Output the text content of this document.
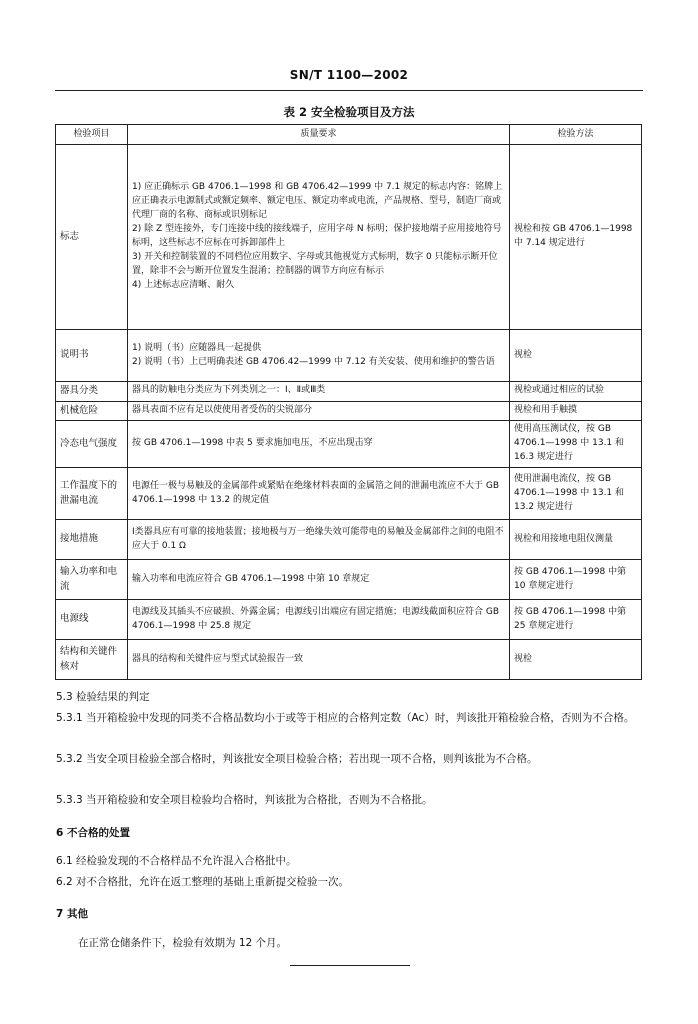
SN/T 1100—2002
表 2 安全检验项目及方法
检验项目	质量要求	检验方法
标志	1) 应正确标示 GB 4706.1—1998 和 GB 4706.42—1999 中 7.1 规定的标志内容：铭牌上应正确表示电源制式或额定频率、额定电压、额定功率或电流，产品规格、型号，制造厂商或代理厂商的名称、商标或识别标记

2) 除 Z 型连接外，专门连接中线的接线端子，应用字母 N 标明；保护接地端子应用接地符号标明，这些标志不应标在可拆卸部件上

3) 开关和控制装置的不同档位应用数字、字母或其他视觉方式标明，数字 0 只能标示断开位置，除非不会与断开位置发生混淆；控制器的调节方向应有标示

4) 上述标志应清晰、耐久	视检和按 GB 4706.1—1998 中 7.14 规定进行
说明书	1) 说明（书）应随器具一起提供

2) 说明（书）上已明确表述 GB 4706.42—1999 中 7.12 有关安装、使用和维护的警告语	视检
器具分类	器具的防触电分类应为下列类别之一：Ⅰ、Ⅱ或Ⅲ类	视检或通过相应的试验
机械危险	器具表面不应有足以使使用者受伤的尖锐部分	视检和用手触摸
冷态电气强度	按 GB 4706.1—1998 中表 5 要求施加电压，不应出现击穿	使用高压测试仪，按 GB 4706.1—1998 中 13.1 和 16.3 规定进行
工作温度下的泄漏电流	电源任一极与易触及的金属部件或紧贴在绝缘材料表面的金属箔之间的泄漏电流应不大于 GB 4706.1—1998 中 13.2 的规定值	使用泄漏电流仪，按 GB 4706.1—1998 中 13.1 和 13.2 规定进行
接地措施	Ⅰ类器具应有可靠的接地装置；接地极与万一绝缘失效可能带电的易触及金属部件之间的电阻不应大于 0.1 Ω	视检和用接地电阻仪测量
输入功率和电流	输入功率和电流应符合 GB 4706.1—1998 中第 10 章规定	按 GB 4706.1—1998 中第 10 章规定进行
电源线	电源线及其插头不应破损、外露金属；电源线引出端应有固定措施；电源线截面积应符合 GB 4706.1—1998 中 25.8 规定	按 GB 4706.1—1998 中第 25 章规定进行
结构和关键件核对	器具的结构和关键件应与型式试验报告一致	视检
5.3 检验结果的判定
5.3.1 当开箱检验中发现的同类不合格品数均小于或等于相应的合格判定数（Ac）时，判该批开箱检验合格，否则为不合格。
5.3.2 当安全项目检验全部合格时，判该批安全项目检验合格；若出现一项不合格，则判该批为不合格。
5.3.3 当开箱检验和安全项目检验均合格时，判该批为合格批，否则为不合格批。
6 不合格的处置
6.1 经检验发现的不合格样品不允许混入合格批中。
6.2 对不合格批，允许在返工整理的基础上重新提交检验一次。
7 其他
在正常仓储条件下，检验有效期为 12 个月。
